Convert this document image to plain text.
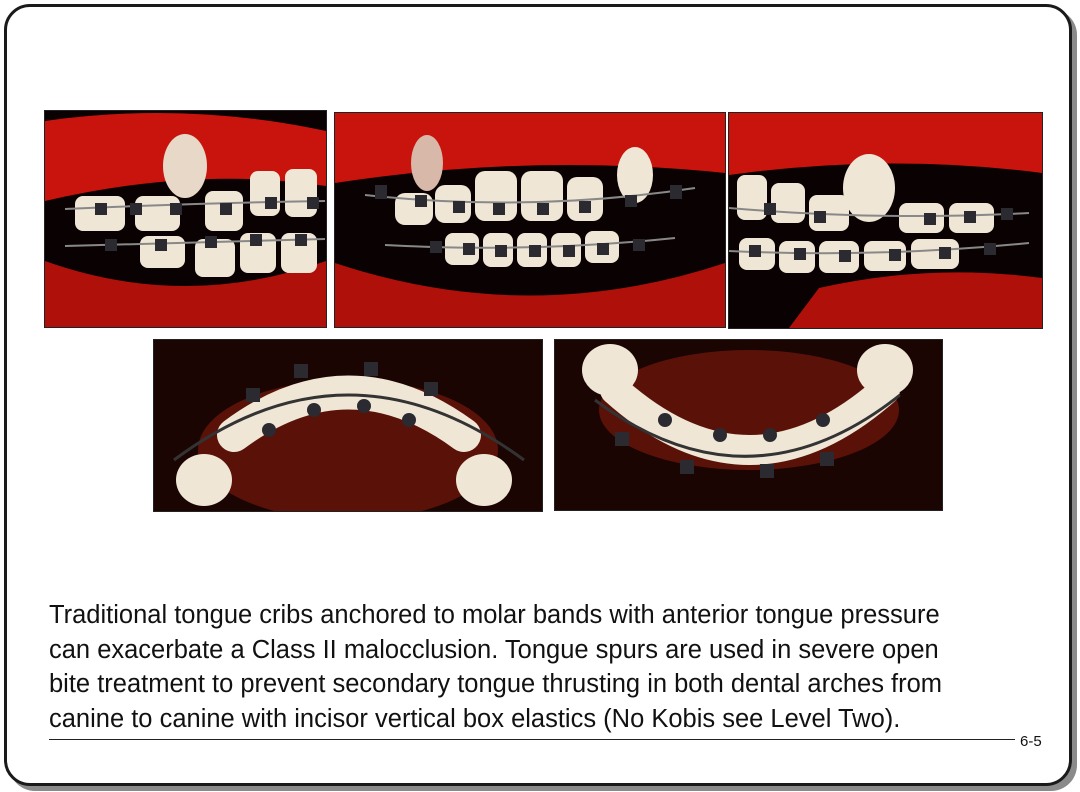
Traditional tongue cribs anchored to molar bands with anterior tongue pressure
can exacerbate a Class II malocclusion. Tongue spurs are used in severe open
bite treatment to prevent secondary tongue thrusting in both dental arches from
canine to canine with incisor vertical box elastics (No Kobis see Level Two).

6-5
